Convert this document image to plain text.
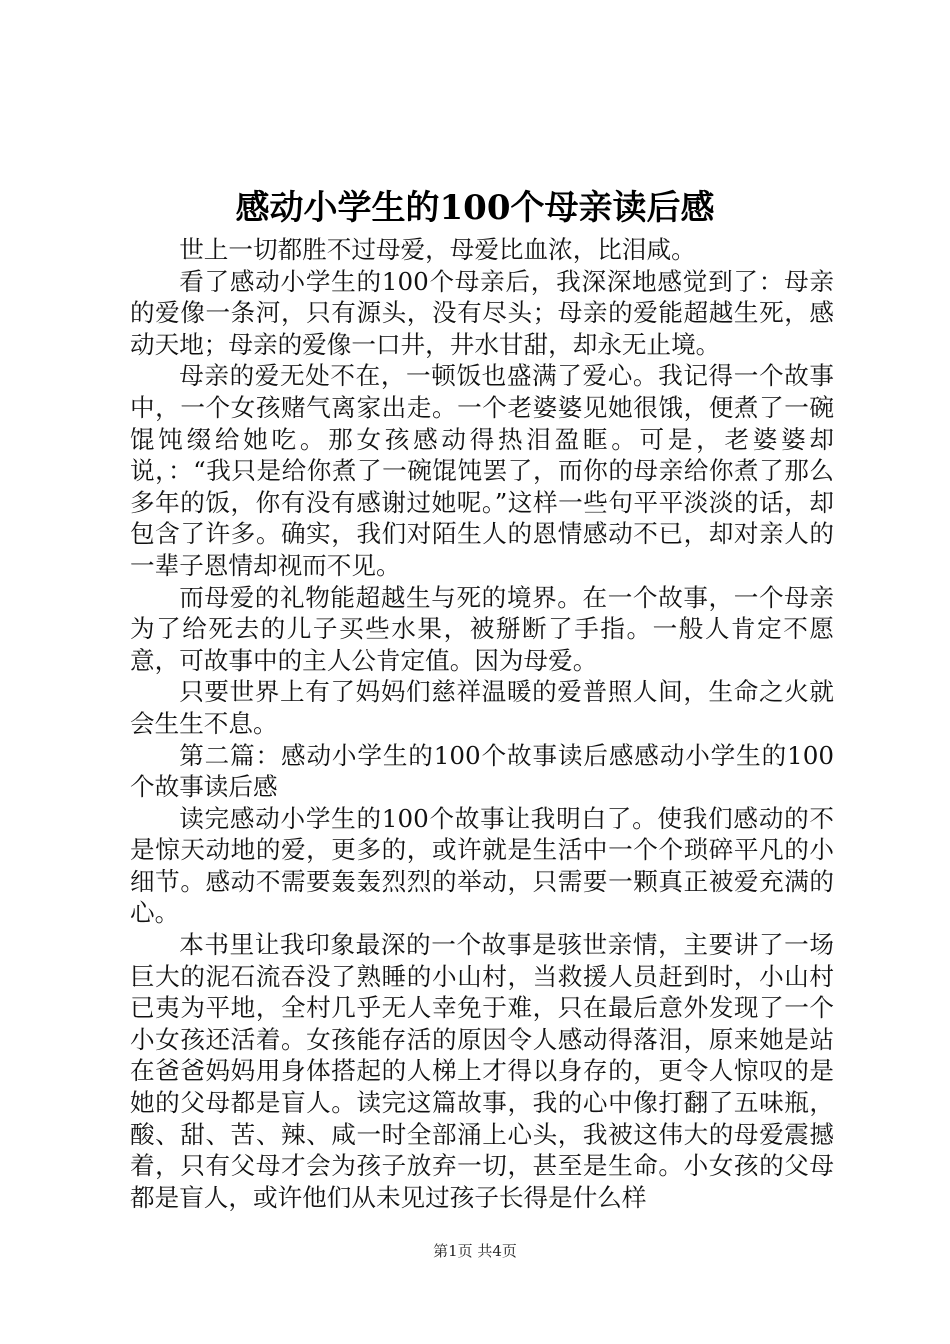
感动小学生的100个母亲读后感

世上一切都胜不过母爱，母爱比血浓，比泪咸。

看了感动小学生的100个母亲后，我深深地感觉到了：母亲的爱像一条河，只有源头，没有尽头；母亲的爱能超越生死，感动天地；母亲的爱像一口井，井水甘甜，却永无止境。

母亲的爱无处不在，一顿饭也盛满了爱心。我记得一个故事中，一个女孩赌气离家出走。一个老婆婆见她很饿，便煮了一碗馄饨缀给她吃。那女孩感动得热泪盈眶。可是，老婆婆却说，：“我只是给你煮了一碗馄饨罢了，而你的母亲给你煮了那么多年的饭，你有没有感谢过她呢。”这样一些句平平淡淡的话，却包含了许多。确实，我们对陌生人的恩情感动不已，却对亲人的一辈子恩情却视而不见。

而母爱的礼物能超越生与死的境界。在一个故事，一个母亲为了给死去的儿子买些水果，被掰断了手指。一般人肯定不愿意，可故事中的主人公肯定值。因为母爱。

只要世界上有了妈妈们慈祥温暖的爱普照人间，生命之火就会生生不息。

第二篇：感动小学生的100个故事读后感感动小学生的100个故事读后感

读完感动小学生的100个故事让我明白了。使我们感动的不是惊天动地的爱，更多的，或许就是生活中一个个琐碎平凡的小细节。感动不需要轰轰烈烈的举动，只需要一颗真正被爱充满的心。

本书里让我印象最深的一个故事是骇世亲情，主要讲了一场巨大的泥石流吞没了熟睡的小山村，当救援人员赶到时，小山村已夷为平地，全村几乎无人幸免于难，只在最后意外发现了一个小女孩还活着。女孩能存活的原因令人感动得落泪，原来她是站在爸爸妈妈用身体搭起的人梯上才得以身存的，更令人惊叹的是她的父母都是盲人。读完这篇故事，我的心中像打翻了五味瓶，酸、甜、苦、辣、咸一时全部涌上心头，我被这伟大的母爱震撼着，只有父母才会为孩子放弃一切，甚至是生命。小女孩的父母都是盲人，或许他们从未见过孩子长得是什么样

第1页 共4页
